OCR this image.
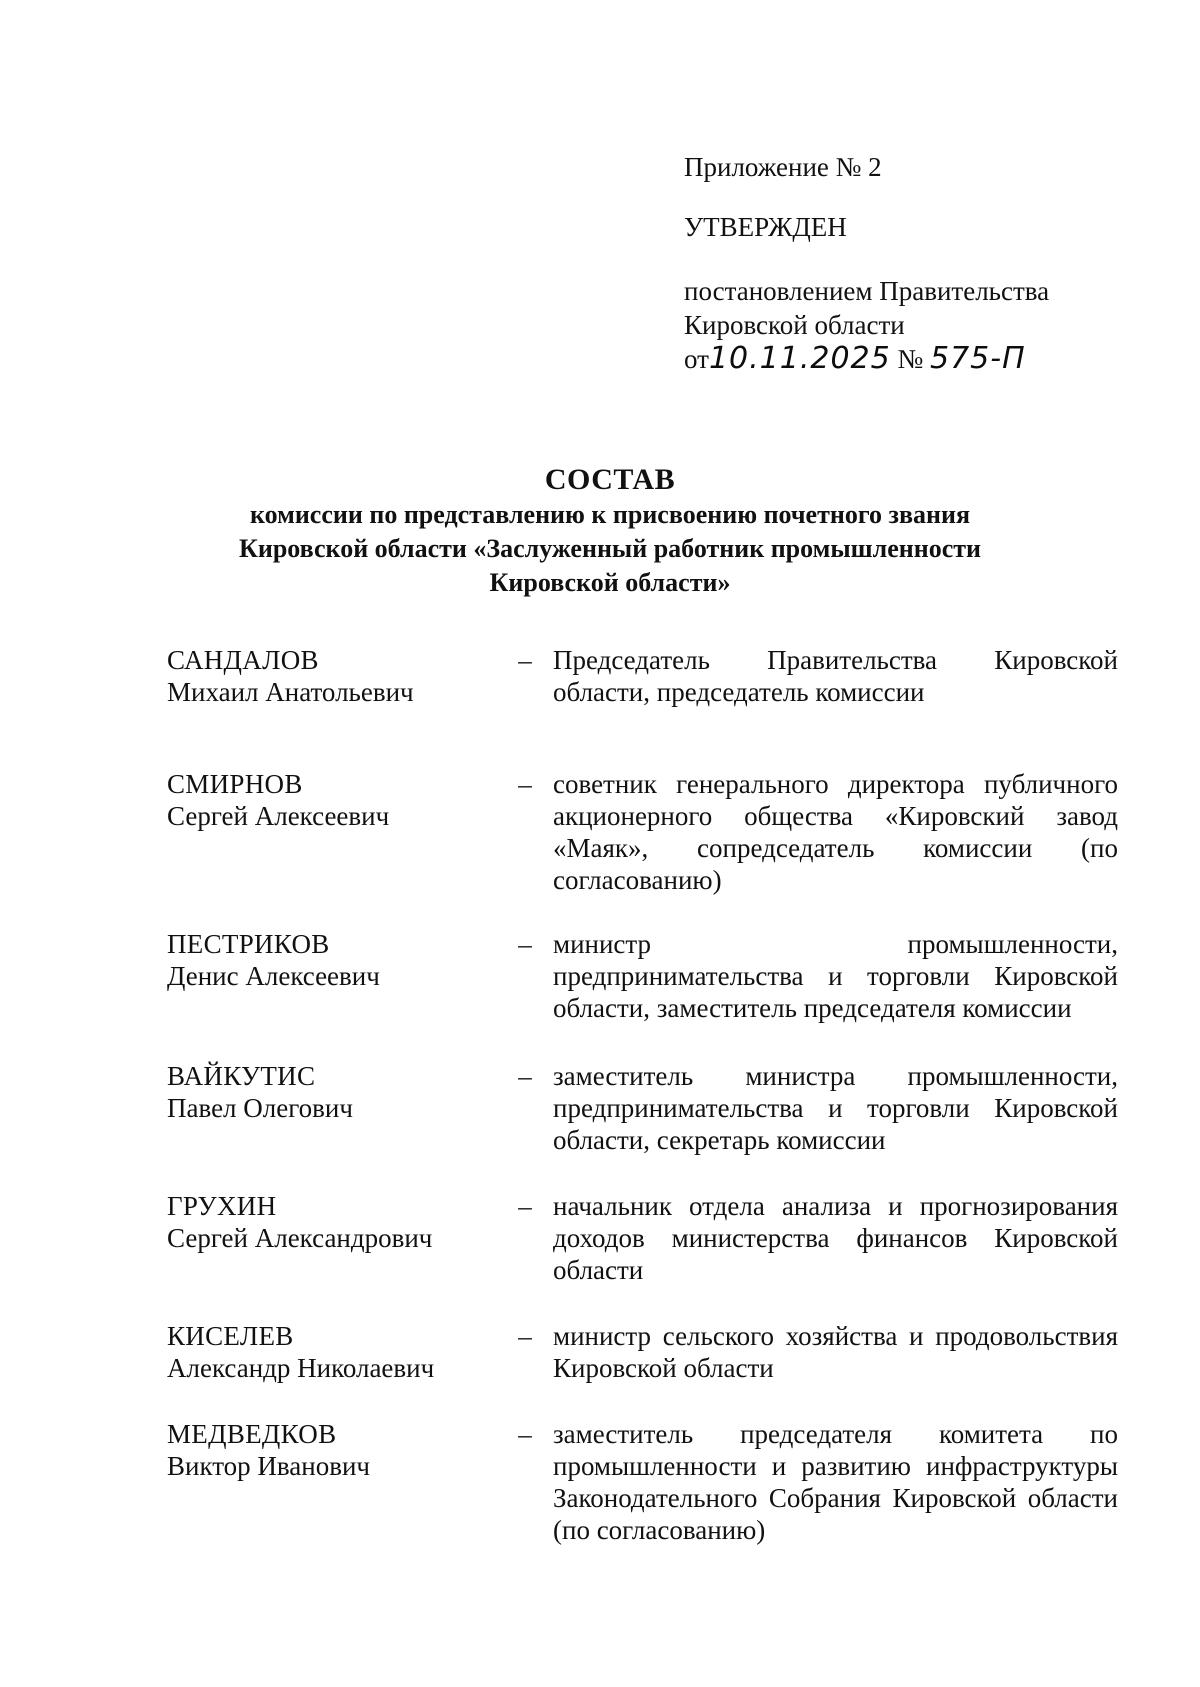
Приложение № 2
УТВЕРЖДЕН
постановлением Правительства
Кировской области
от10.11.2025 № 575-П
СОСТАВ
комиссии по представлению к присвоению почетного звания
Кировской области «Заслуженный работник промышленности
Кировской области»
САНДАЛОВ
Михаил Анатольевич
– Председатель Правительства Кировской области, председатель комиссии
СМИРНОВ
Сергей Алексеевич
– советник генерального директора публичного акционерного общества «Кировский завод «Маяк», сопредседатель комиссии (по согласованию)
ПЕСТРИКОВ
Денис Алексеевич
– министр промышленности, предпринимательства и торговли Кировской области, заместитель председателя комиссии
ВАЙКУТИС
Павел Олегович
– заместитель министра промышленности, предпринимательства и торговли Кировской области, секретарь комиссии
ГРУХИН
Сергей Александрович
– начальник отдела анализа и прогнозирования доходов министерства финансов Кировской области
КИСЕЛЕВ
Александр Николаевич
– министр сельского хозяйства и продовольствия Кировской области
МЕДВЕДКОВ
Виктор Иванович
– заместитель председателя комитета по промышленности и развитию инфраструктуры Законодательного Собрания Кировской области (по согласованию)
